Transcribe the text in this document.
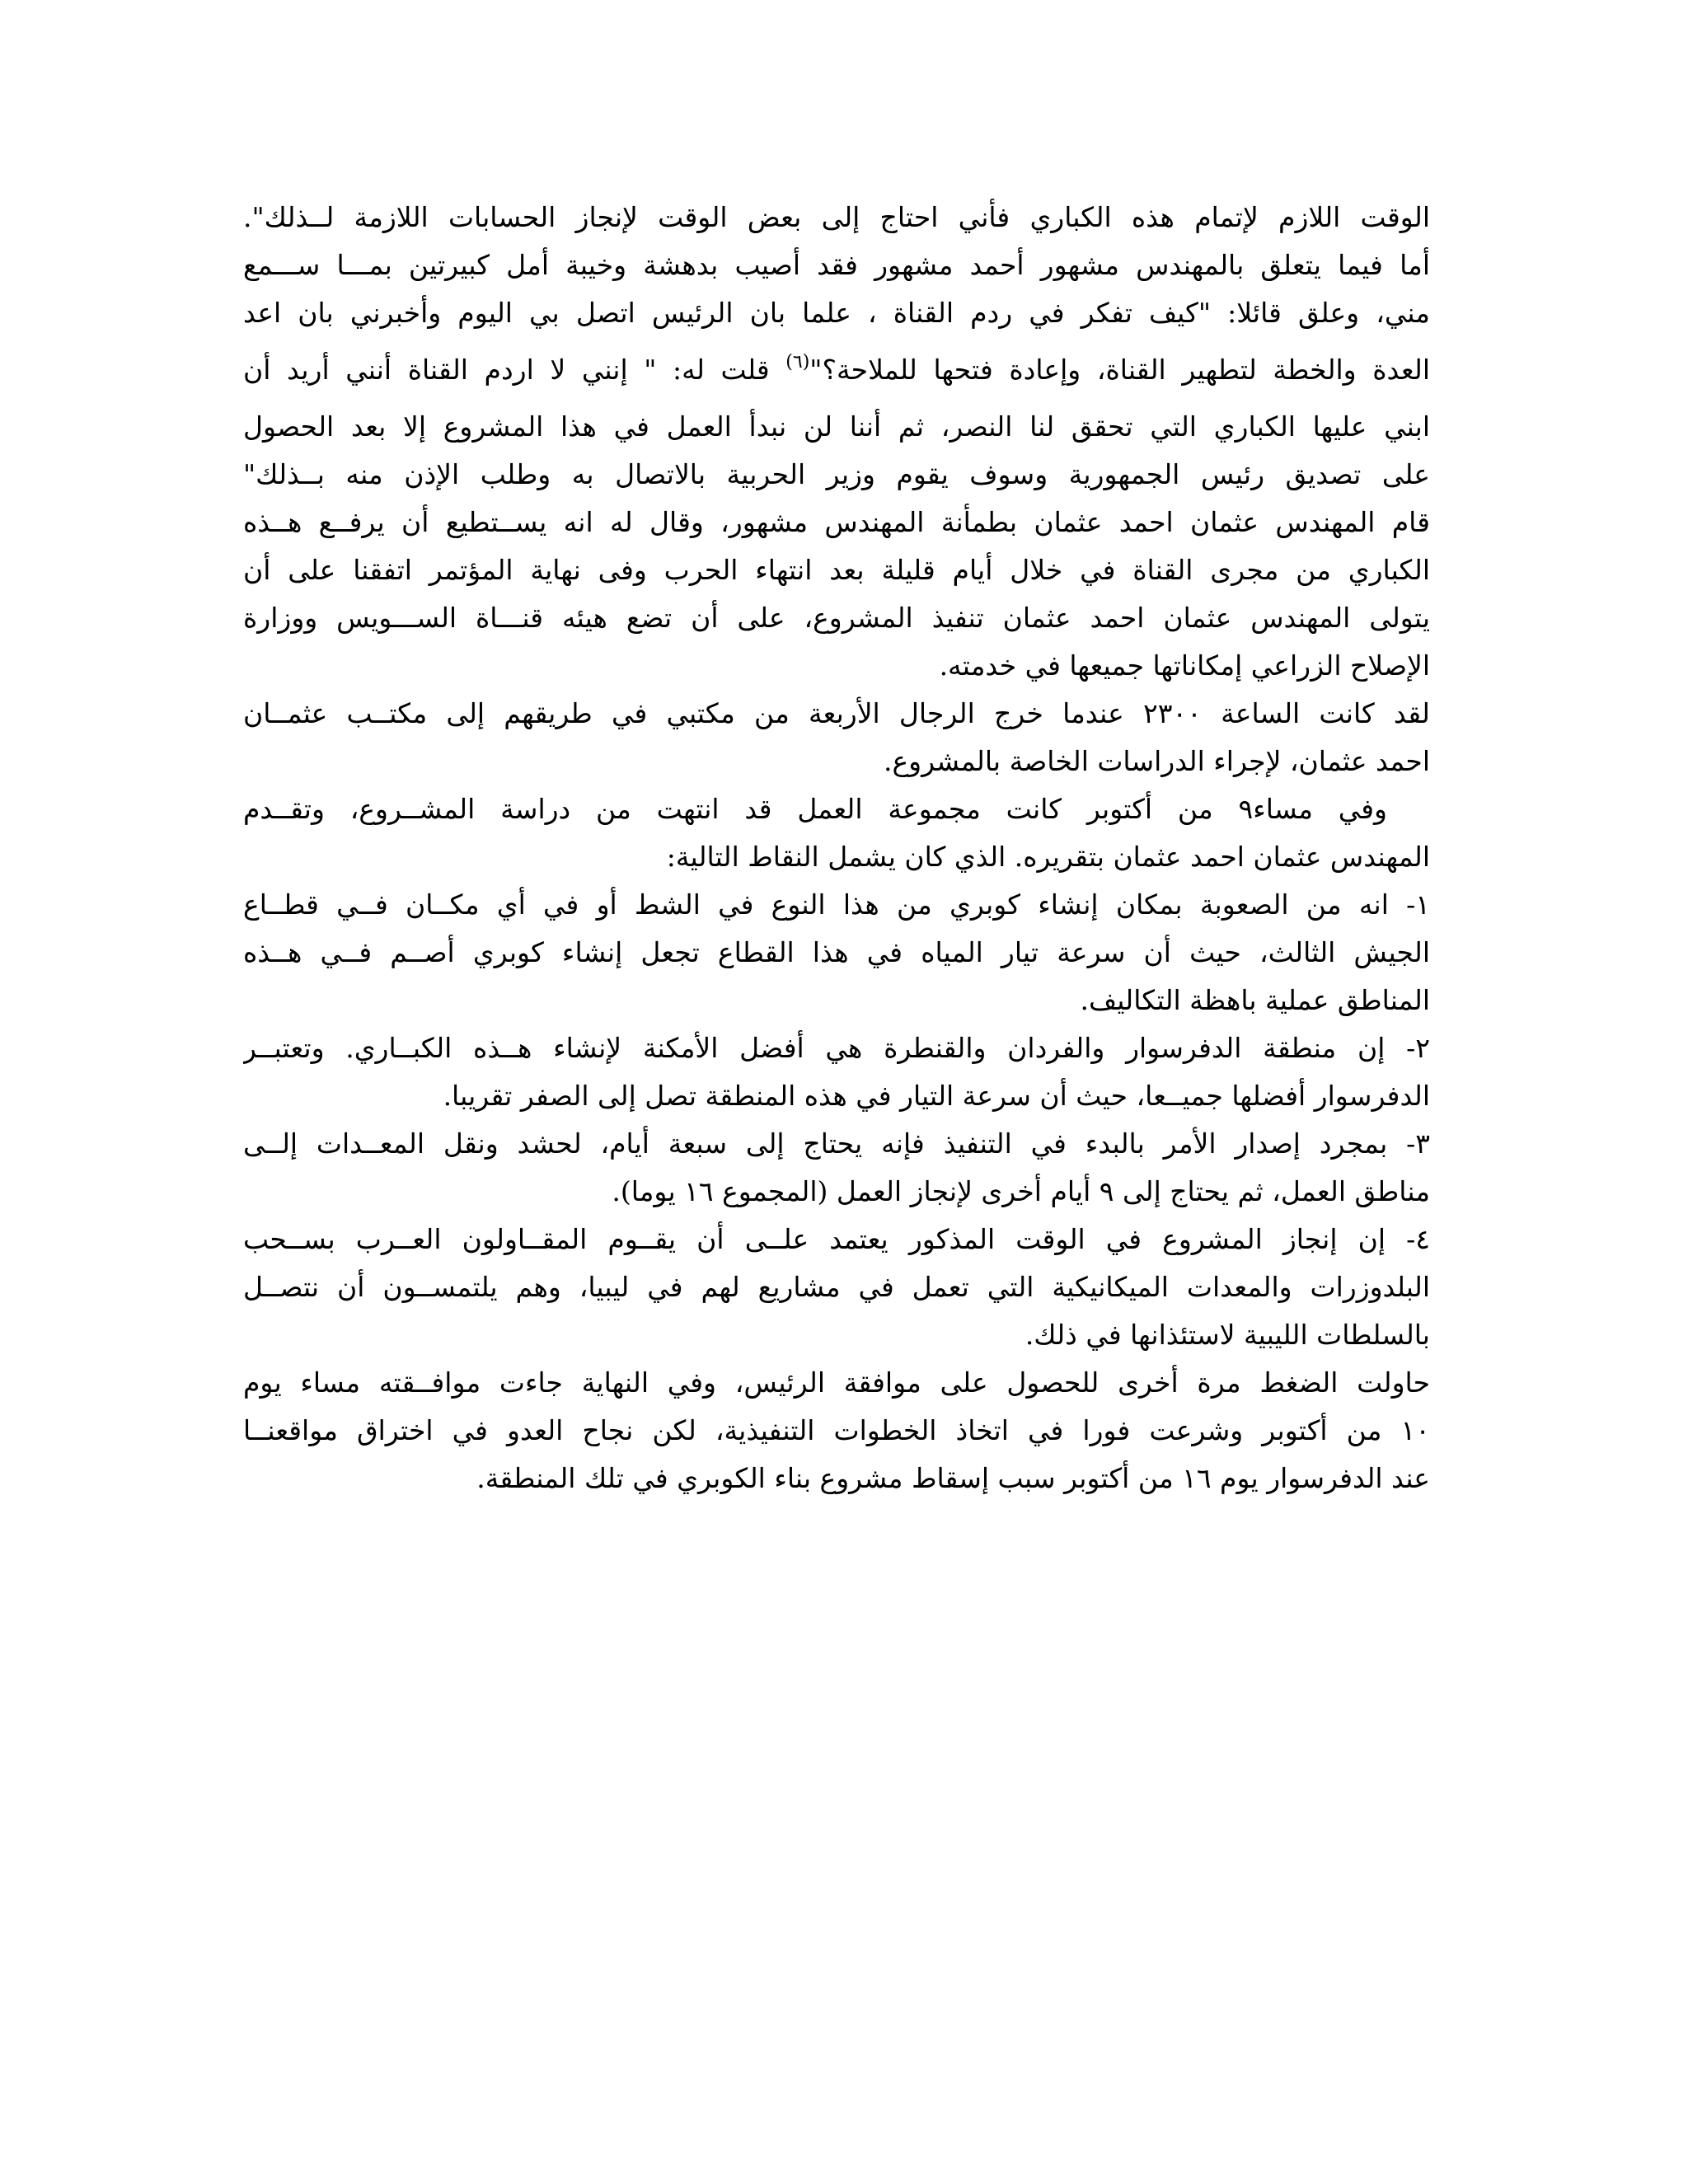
الوقت اللازم لإتمام هذه الكباري فأني احتاج إلى بعض الوقت لإنجاز الحسابات اللازمة لــذلك".
أما فيما يتعلق بالمهندس مشهور أحمد مشهور فقد أصيب بدهشة وخيبة أمل كبيرتين بمـــا ســـمع
مني، وعلق قائلا: "كيف تفكر في ردم القناة ، علما بان الرئيس اتصل بي اليوم وأخبرني بان اعد
العدة والخطة لتطهير القناة، وإعادة فتحها للملاحة؟"$^{(٦)}$ قلت له: " إنني لا اردم القناة أنني أريد أن
ابني عليها الكباري التي تحقق لنا النصر، ثم أننا لن نبدأ العمل في هذا المشروع إلا بعد الحصول
على تصديق رئيس الجمهورية وسوف يقوم وزير الحربية بالاتصال به وطلب الإذن منه بــذلك"
قام المهندس عثمان احمد عثمان بطمأنة المهندس مشهور، وقال له انه يســتطيع أن يرفــع هــذه
الكباري من مجرى القناة في خلال أيام قليلة بعد انتهاء الحرب وفى نهاية المؤتمر اتفقنا على أن
يتولى المهندس عثمان احمد عثمان تنفيذ المشروع، على أن تضع هيئه قنـــاة الســـويس ووزارة
الإصلاح الزراعي إمكاناتها جميعها في خدمته.
لقد كانت الساعة ٢٣٠٠ عندما خرج الرجال الأربعة من مكتبي في طريقهم إلى مكتــب عثمــان
احمد عثمان، لإجراء الدراسات الخاصة بالمشروع.
وفي مساء٩ من أكتوبر كانت مجموعة العمل قد انتهت من دراسة المشــروع، وتقــدم
المهندس عثمان احمد عثمان بتقريره. الذي كان يشمل النقاط التالية:
١- انه من الصعوبة بمكان إنشاء كوبري من هذا النوع في الشط أو في أي مكــان فــي قطــاع
الجيش الثالث، حيث أن سرعة تيار المياه في هذا القطاع تجعل إنشاء كوبري أصــم فــي هــذه
المناطق عملية باهظة التكاليف.
٢- إن منطقة الدفرسوار والفردان والقنطرة هي أفضل الأمكنة لإنشاء هــذه الكبــاري. وتعتبــر
الدفرسوار أفضلها جميــعا، حيث أن سرعة التيار في هذه المنطقة تصل إلى الصفر تقريبا.
٣- بمجرد إصدار الأمر بالبدء في التنفيذ فإنه يحتاج إلى سبعة أيام، لحشد ونقل المعــدات إلــى
مناطق العمل، ثم يحتاج إلى ٩ أيام أخرى لإنجاز العمل (المجموع ١٦ يوما).
٤- إن إنجاز المشروع في الوقت المذكور يعتمد علــى أن يقــوم المقــاولون العــرب بســحب
البلدوزرات والمعدات الميكانيكية التي تعمل في مشاريع لهم في ليبيا، وهم يلتمســون أن نتصــل
بالسلطات الليبية لاستئذانها في ذلك.
حاولت الضغط مرة أخرى للحصول على موافقة الرئيس، وفي النهاية جاءت موافــقته مساء يوم
١٠ من أكتوبر وشرعت فورا في اتخاذ الخطوات التنفيذية، لكن نجاح العدو في اختراق مواقعنــا
عند الدفرسوار يوم ١٦ من أكتوبر سبب إسقاط مشروع بناء الكوبري في تلك المنطقة.
